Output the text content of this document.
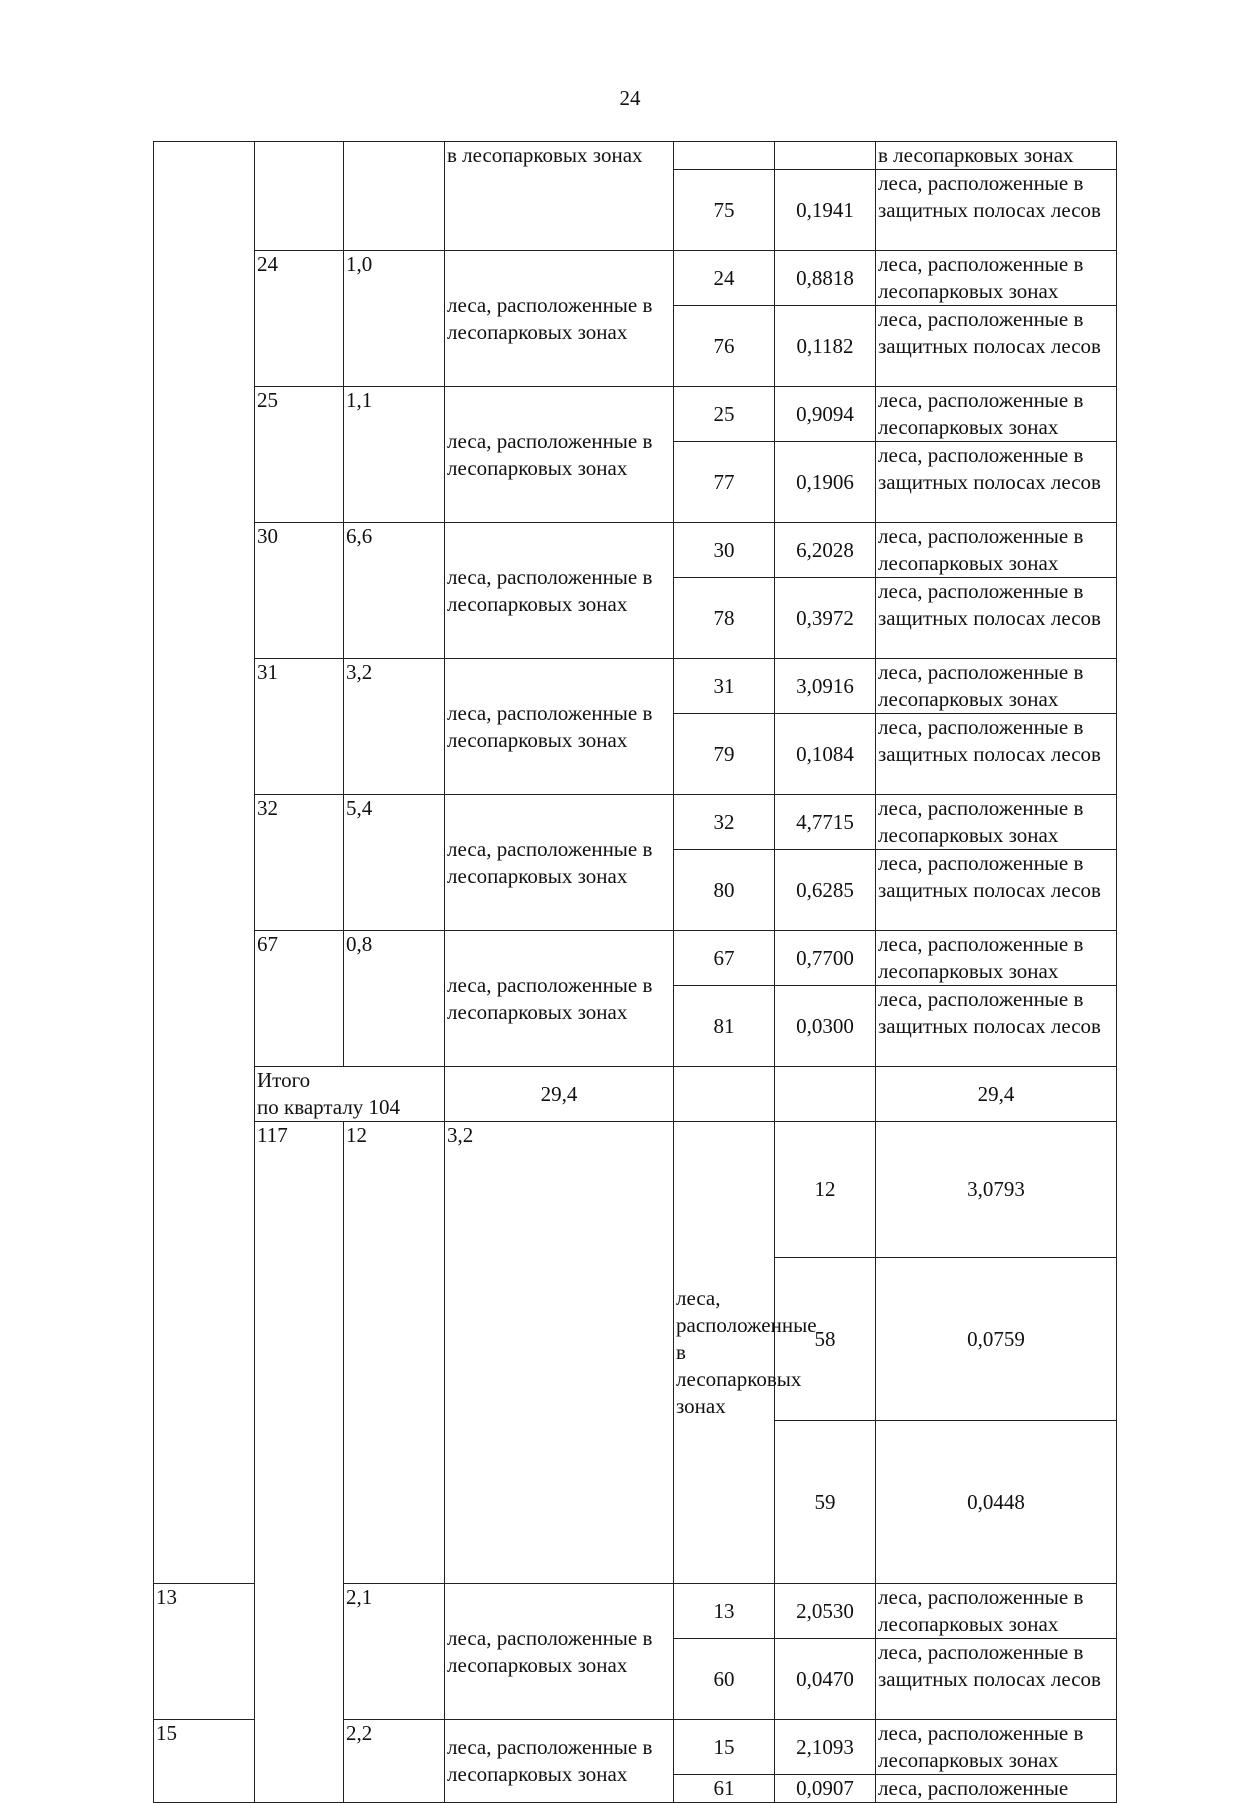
24
			в лесопарковых зонах			в лесопарковых зонах	
				75	0,1941	леса, расположенные в защитных полосах лесов	
	24	1,0	леса, расположенные в лесопарковых зонах	24	0,8818	леса, расположенные в лесопарковых зонах	
				76	0,1182	леса, расположенные в защитных полосах лесов	
	25	1,1	леса, расположенные в лесопарковых зонах	25	0,9094	леса, расположенные в лесопарковых зонах	
				77	0,1906	леса, расположенные в защитных полосах лесов	
	30	6,6	леса, расположенные в лесопарковых зонах	30	6,2028	леса, расположенные в лесопарковых зонах	
				78	0,3972	леса, расположенные в защитных полосах лесов	
	31	3,2	леса, расположенные в лесопарковых зонах	31	3,0916	леса, расположенные в лесопарковых зонах	
				79	0,1084	леса, расположенные в защитных полосах лесов	
	32	5,4	леса, расположенные в лесопарковых зонах	32	4,7715	леса, расположенные в лесопарковых зонах	
				80	0,6285	леса, расположенные в защитных полосах лесов	
	67	0,8	леса, расположенные в лесопарковых зонах	67	0,7700	леса, расположенные в лесопарковых зонах	
				81	0,0300	леса, расположенные в защитных полосах лесов	

	Итого
по кварталу 104		29,4			29,4	
	117	12	3,2	леса, расположенные в лесопарковых зонах	12	3,0793	
					58	0,0759	
					59	0,0448	
13		2,1	леса, расположенные в лесопарковых зонах	13	2,0530	леса, расположенные в лесопарковых зонах	
				60	0,0470	леса, расположенные в защитных полосах лесов	
15		2,2	леса, расположенные в лесопарковых зонах	15	2,1093	леса, расположенные в лесопарковых зонах	
				61	0,0907	леса, расположенные	
